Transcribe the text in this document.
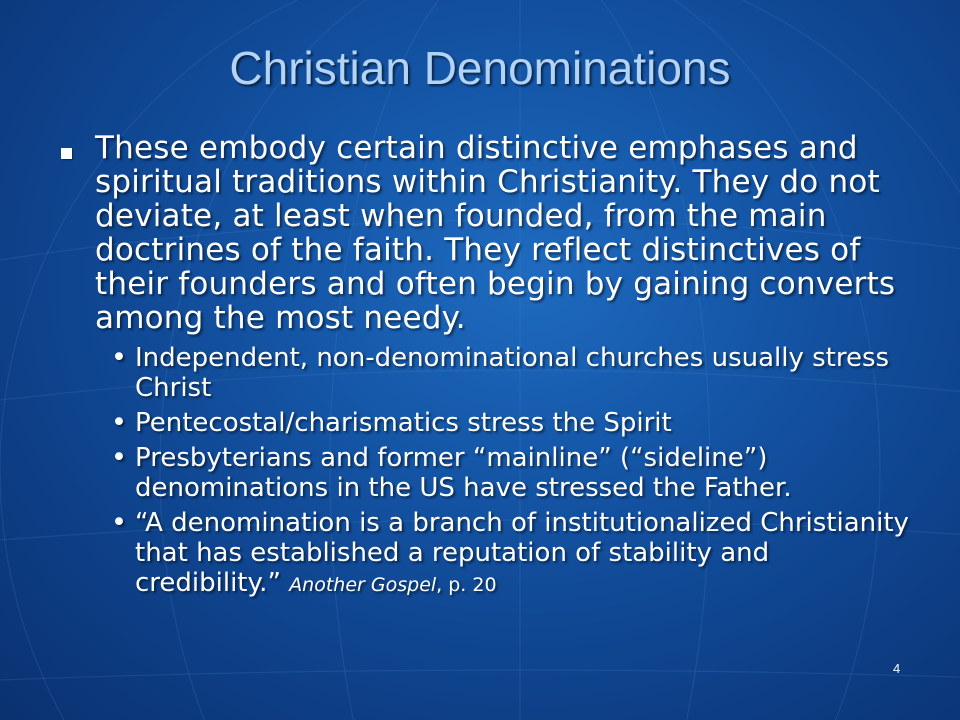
Christian Denominations
These embody certain distinctive emphases and spiritual traditions within Christianity. They do not deviate, at least when founded, from the main doctrines of the faith. They reflect distinctives of their founders and often begin by gaining converts among the most needy.
• Independent, non-denominational churches usually stress Christ
• Pentecostal/charismatics stress the Spirit
• Presbyterians and former “mainline” (“sideline”) denominations in the US have stressed the Father.
• “A denomination is a branch of institutionalized Christianity that has established a reputation of stability and credibility.” Another Gospel, p. 20
4
